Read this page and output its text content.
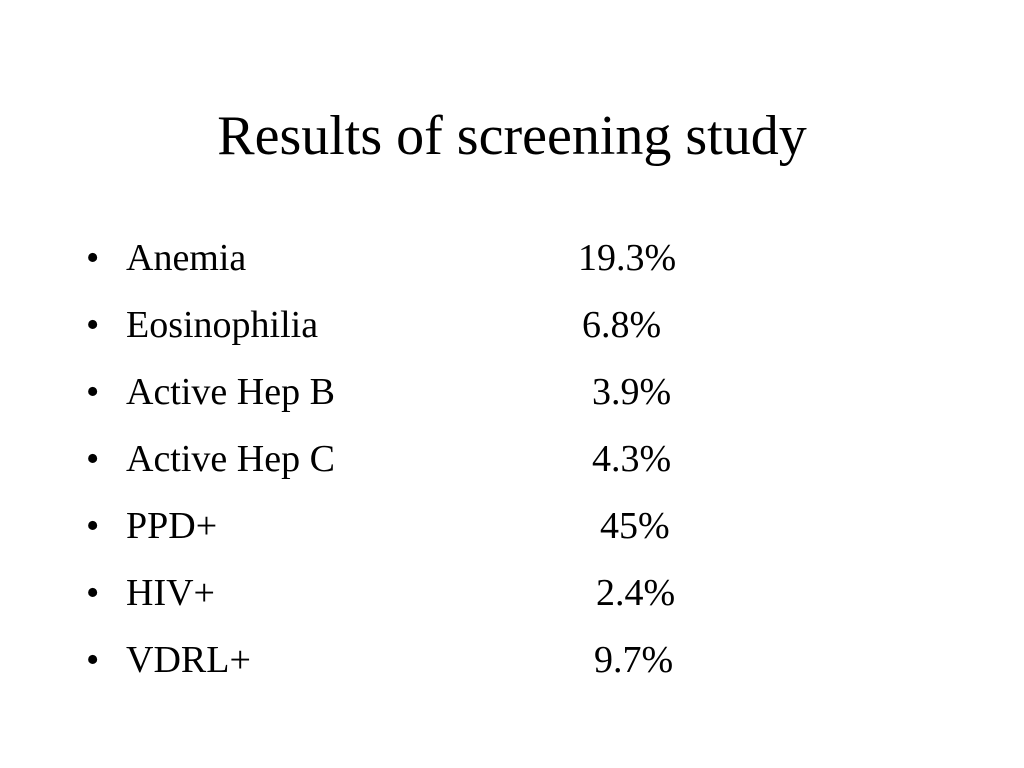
Results of screening study
• Anemia	19.3%
• Eosinophilia	6.8%
• Active Hep B	3.9%
• Active Hep C	4.3%
• PPD+	45%
• HIV+	2.4%
• VDRL+	9.7%
